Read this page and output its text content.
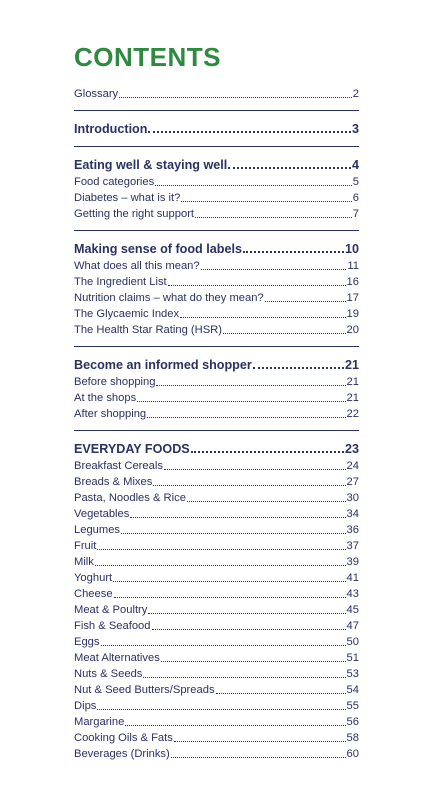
CONTENTS
Glossary	2
Introduction	3
Eating well & staying well	4
Food categories	5
Diabetes – what is it?	6
Getting the right support	7
Making sense of food labels	10
What does all this mean?	11
The Ingredient List	16
Nutrition claims – what do they mean?	17
The Glycaemic Index	19
The Health Star Rating (HSR)	20
Become an informed shopper	21
Before shopping	21
At the shops	21
After shopping	22
EVERYDAY FOODS	23
Breakfast Cereals	24
Breads & Mixes	27
Pasta, Noodles & Rice	30
Vegetables	34
Legumes	36
Fruit	37
Milk	39
Yoghurt	41
Cheese	43
Meat & Poultry	45
Fish & Seafood	47
Eggs	50
Meat Alternatives	51
Nuts & Seeds	53
Nut & Seed Butters/Spreads	54
Dips	55
Margarine	56
Cooking Oils & Fats	58
Beverages (Drinks)	60
